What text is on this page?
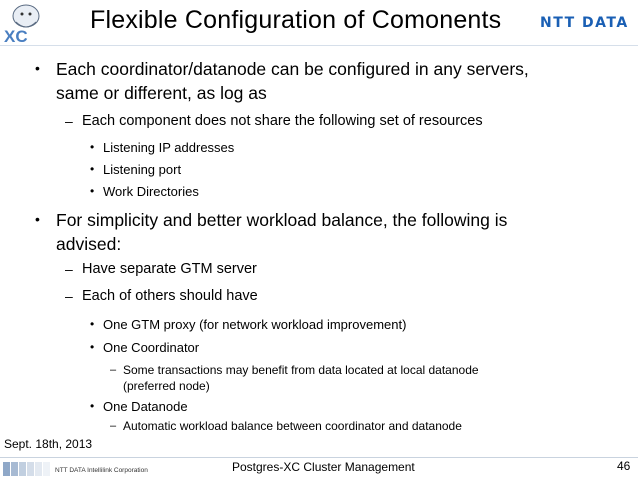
XC
Flexible Configuration of Comonents	NTT DATA
• Each coordinator/datanode can be configured in any servers,
same or different, as log as
– Each component does not share the following set of resources
• Listening IP addresses
• Listening port
• Work Directories
• For simplicity and better workload balance, the following is
advised:
– Have separate GTM server
– Each of others should have
• One GTM proxy (for network workload improvement)
• One Coordinator
– Some transactions may benefit from data located at local datanode
(preferred node)
• One Datanode
– Automatic workload balance between coordinator and datanode
Sept. 18th, 2013
NTT DATA Intellilink Corporation	Postgres-XC Cluster Management	46
